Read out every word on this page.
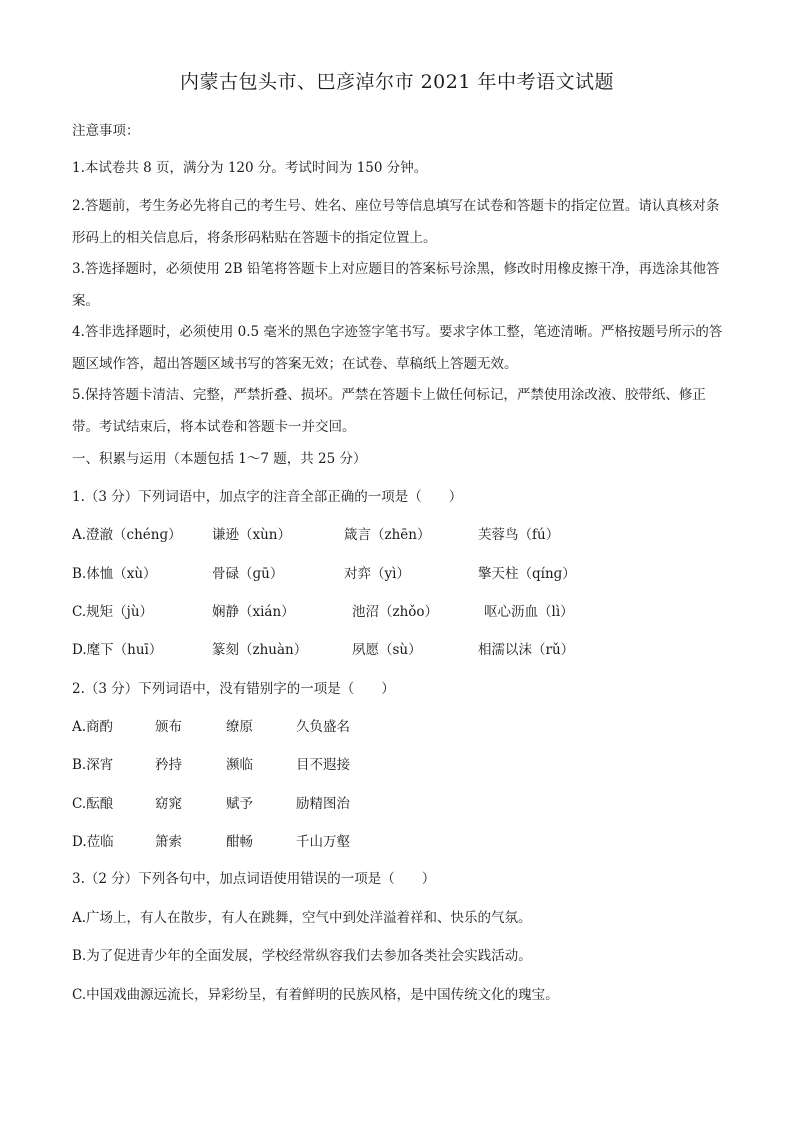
内蒙古包头市、巴彦淖尔市 2021 年中考语文试题
注意事项：
1.本试卷共 8 页，满分为 120 分。考试时间为 150 分钟。
2.答题前，考生务必先将自己的考生号、姓名、座位号等信息填写在试卷和答题卡的指定位置。请认真核对条形码上的相关信息后，将条形码粘贴在答题卡的指定位置上。
3.答选择题时，必须使用 2B 铅笔将答题卡上对应题目的答案标号涂黑，修改时用橡皮擦干净，再选涂其他答案。
4.答非选择题时，必须使用 0.5 毫米的黑色字迹签字笔书写。要求字体工整，笔迹清晰。严格按题号所示的答题区域作答，超出答题区域书写的答案无效；在试卷、草稿纸上答题无效。
5.保持答题卡清洁、完整，严禁折叠、损坏。严禁在答题卡上做任何标记，严禁使用涂改液、胶带纸、修正带。考试结束后，将本试卷和答题卡一并交回。
一、积累与运用（本题包括 1～7 题，共 25 分）
1.（3 分）下列词语中，加点字的注音全部正确的一项是（　　）
A.澄澈（chénɡ） 谦逊（xùn）	箴言（zhēn）	芙蓉鸟（fú）
B.体恤（xù）	骨碌（ɡū）	对弈（yì）	擎天柱（qínɡ）
C.规矩（jù）	娴静（xián）	池沼（zhǒo）	呕心沥血（lì）
D.麾下（huī）	篆刻（zhuàn）	夙愿（sù）	相濡以沫（rǔ）
2.（3 分）下列词语中，没有错别字的一项是（　　）
A.商酌	颁布	缭原	久负盛名
B.深宵	矜持	濒临	目不遐接
C.酝酿	窈窕	赋予	励精图治
D.莅临	箫索	酣畅	千山万壑
3.（2 分）下列各句中，加点词语使用错误的一项是（　　）
A.广场上，有人在散步，有人在跳舞，空气中到处洋溢着祥和、快乐的气氛。
B.为了促进青少年的全面发展，学校经常纵容我们去参加各类社会实践活动。
C.中国戏曲源远流长，异彩纷呈，有着鲜明的民族风格，是中国传统文化的瑰宝。
